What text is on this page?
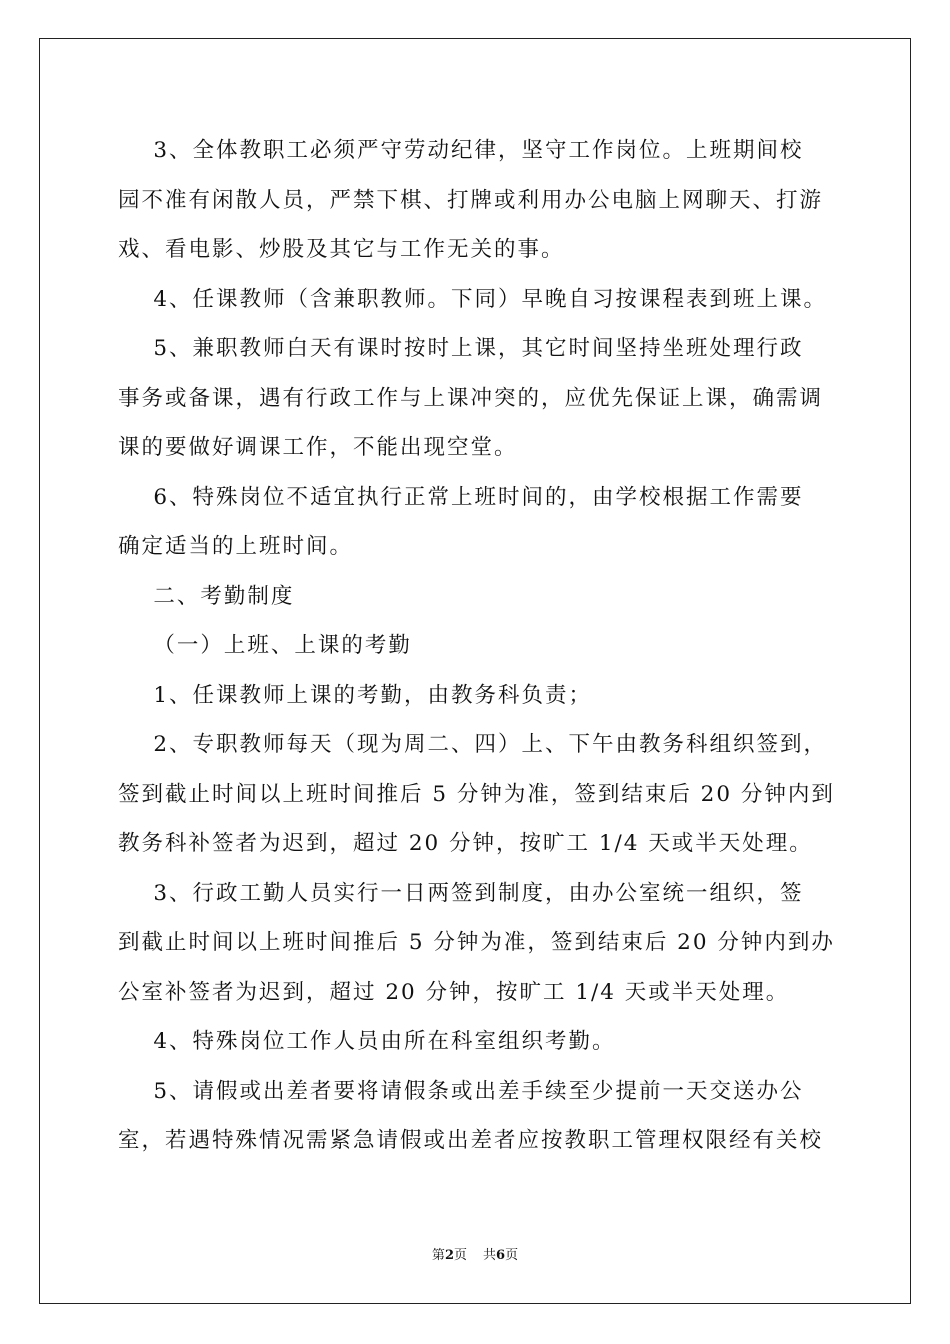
3、全体教职工必须严守劳动纪律，坚守工作岗位。上班期间校
园不准有闲散人员，严禁下棋、打牌或利用办公电脑上网聊天、打游
戏、看电影、炒股及其它与工作无关的事。
4、任课教师（含兼职教师。下同）早晚自习按课程表到班上课。
5、兼职教师白天有课时按时上课，其它时间坚持坐班处理行政
事务或备课，遇有行政工作与上课冲突的，应优先保证上课，确需调
课的要做好调课工作，不能出现空堂。
6、特殊岗位不适宜执行正常上班时间的，由学校根据工作需要
确定适当的上班时间。
二、考勤制度
（一）上班、上课的考勤
1、任课教师上课的考勤，由教务科负责；
2、专职教师每天（现为周二、四）上、下午由教务科组织签到，
签到截止时间以上班时间推后 5 分钟为准，签到结束后 20 分钟内到
教务科补签者为迟到，超过 20 分钟，按旷工 1/4 天或半天处理。
3、行政工勤人员实行一日两签到制度，由办公室统一组织，签
到截止时间以上班时间推后 5 分钟为准，签到结束后 20 分钟内到办
公室补签者为迟到，超过 20 分钟，按旷工 1/4 天或半天处理。
4、特殊岗位工作人员由所在科室组织考勤。
5、请假或出差者要将请假条或出差手续至少提前一天交送办公
室，若遇特殊情况需紧急请假或出差者应按教职工管理权限经有关校
第2页 共6页
